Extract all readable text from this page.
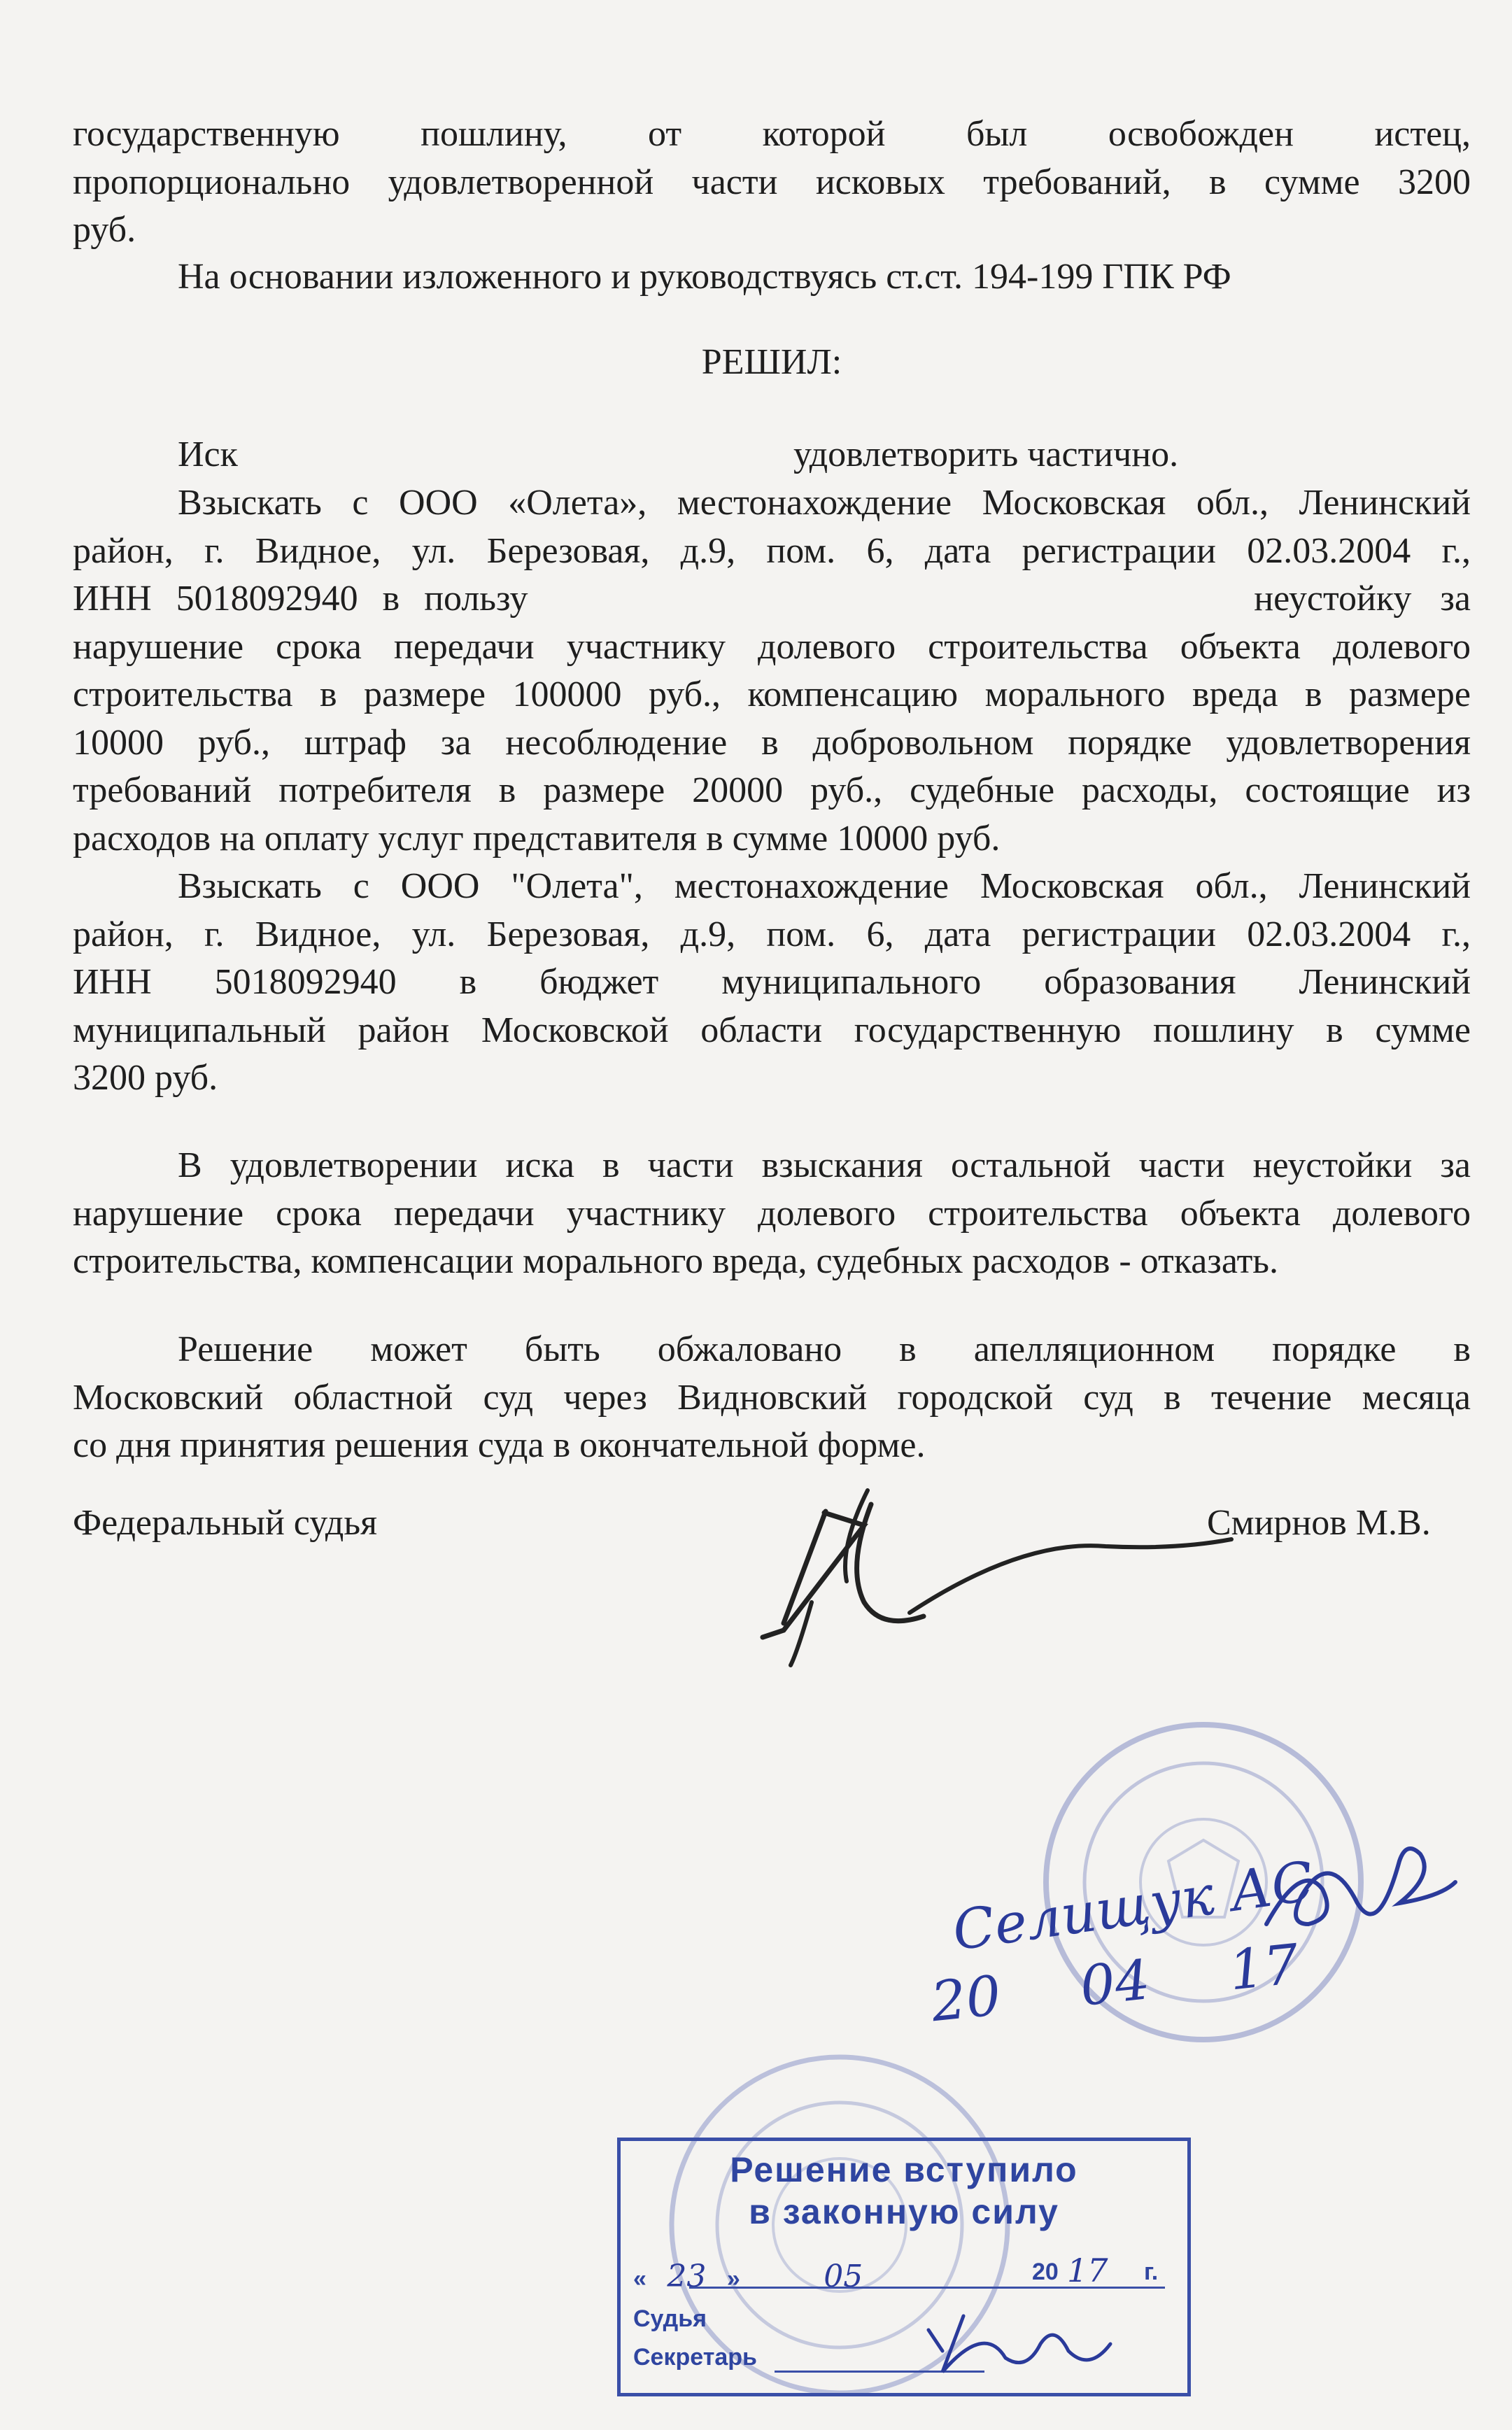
государственную пошлину, от которой был освобожден истец,
пропорционально удовлетворенной части исковых требований, в сумме 3200
руб.
На основании изложенного и руководствуясь ст.ст. 194-199 ГПК РФ
РЕШИЛ:
Иск	удовлетворить частично.
Взыскать с ООО «Олета», местонахождение Московская обл., Ленинский
район, г. Видное, ул. Березовая, д.9, пом. 6, дата регистрации 02.03.2004 г.,
ИНН 5018092940 в пользу	неустойку за
нарушение срока передачи участнику долевого строительства объекта долевого
строительства в размере 100000 руб., компенсацию морального вреда в размере
10000 руб., штраф за несоблюдение в добровольном порядке удовлетворения
требований потребителя в размере 20000 руб., судебные расходы, состоящие из
расходов на оплату услуг представителя в сумме 10000 руб.
Взыскать с ООО "Олета", местонахождение Московская обл., Ленинский
район, г. Видное, ул. Березовая, д.9, пом. 6, дата регистрации 02.03.2004 г.,
ИНН 5018092940 в бюджет муниципального образования Ленинский
муниципальный район Московской области государственную пошлину в сумме
3200 руб.
В удовлетворении иска в части взыскания остальной части неустойки за
нарушение срока передачи участнику долевого строительства объекта долевого
строительства, компенсации морального вреда, судебных расходов - отказать.
Решение может быть обжаловано в апелляционном порядке в
Московский областной суд через Видновский городской суд в течение месяца
со дня принятия решения суда в окончательной форме.
Федеральный судья	Смирнов М.В.
Селищук АС
20 04 17
Решение вступило
в законную силу
« 23 »	05	20 17 г.
Судья
Секретарь
